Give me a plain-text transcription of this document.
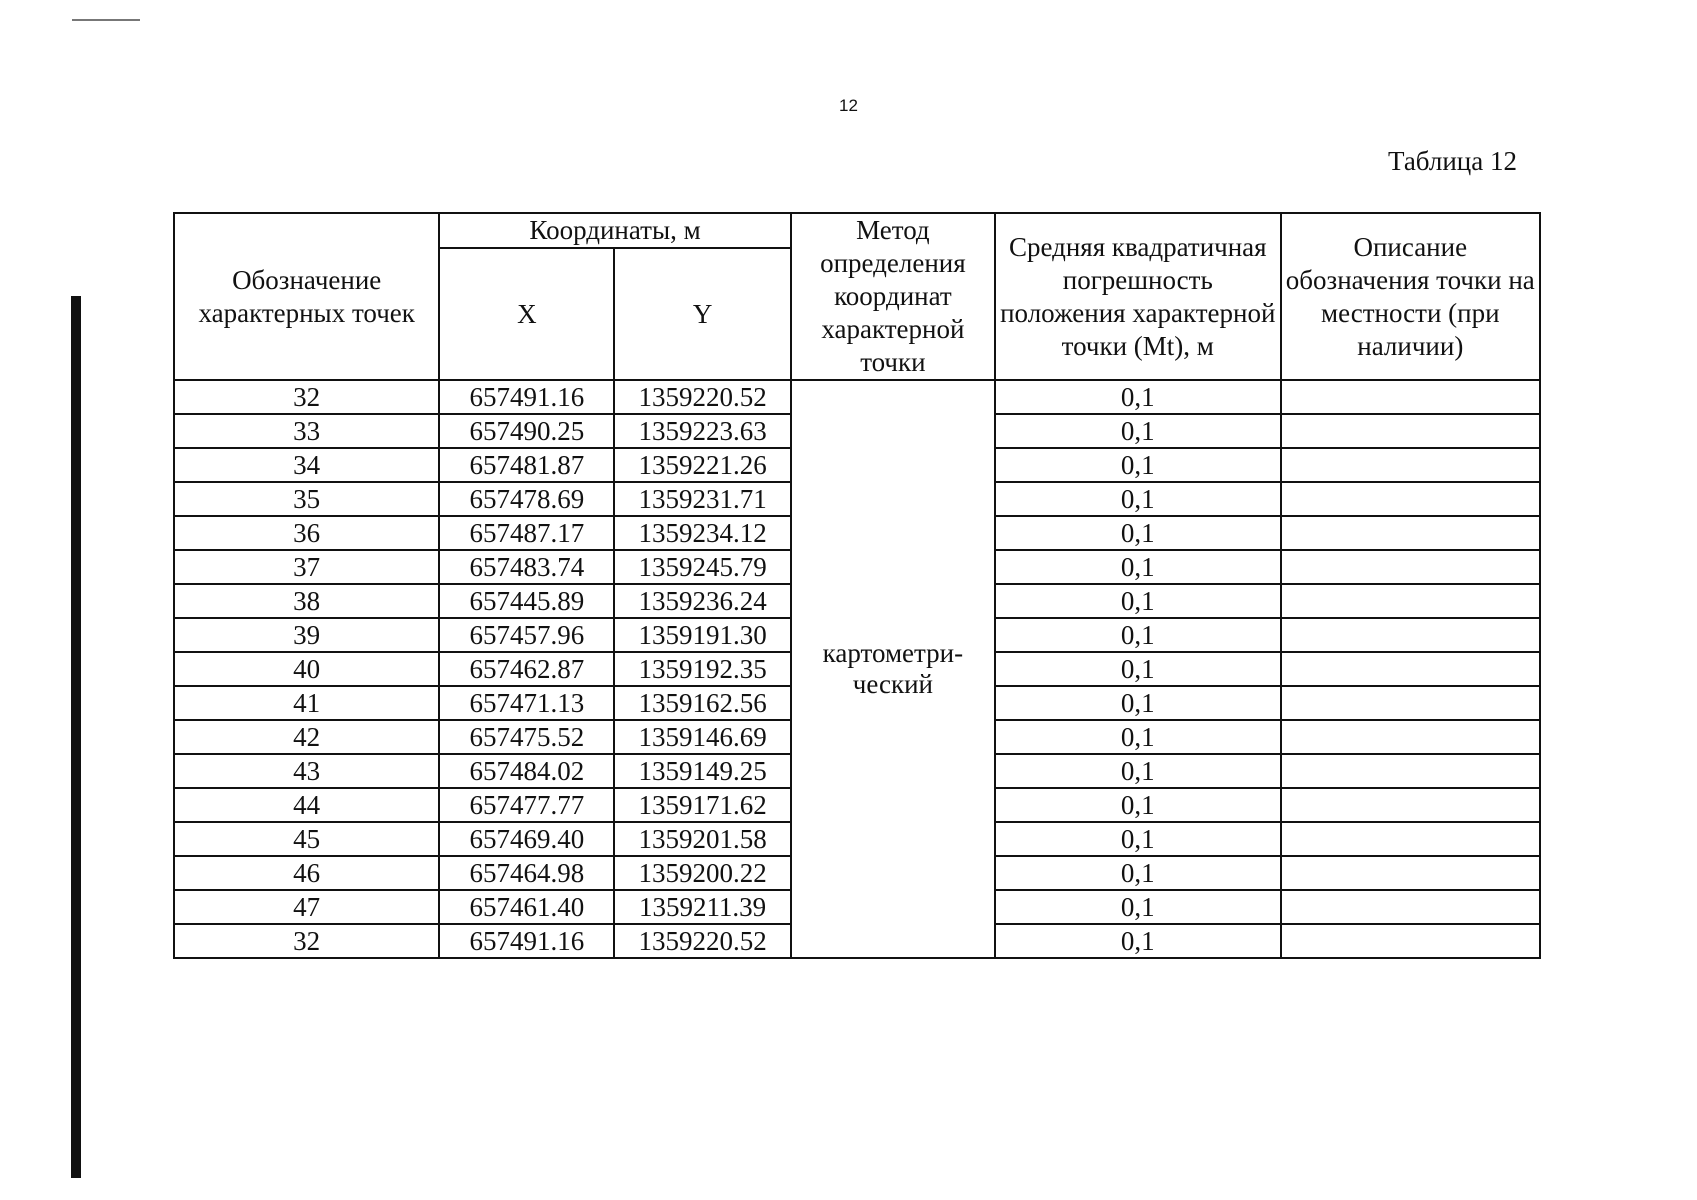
12
Таблица 12
Обозначение характерных точек	Координаты, м		Метод определения координат характерной точки	Средняя квадратичная погрешность положения характерной точки (Mt), м	Описание обозначения точки на местности (при наличии)
	X	Y			
32	657491.16	1359220.52	картометри-ческий	0,1	
33	657490.25	1359223.63		0,1	
34	657481.87	1359221.26		0,1	
35	657478.69	1359231.71		0,1	
36	657487.17	1359234.12		0,1	
37	657483.74	1359245.79		0,1	
38	657445.89	1359236.24		0,1	
39	657457.96	1359191.30		0,1	
40	657462.87	1359192.35		0,1	
41	657471.13	1359162.56		0,1	
42	657475.52	1359146.69		0,1	
43	657484.02	1359149.25		0,1	
44	657477.77	1359171.62		0,1	
45	657469.40	1359201.58		0,1	
46	657464.98	1359200.22		0,1	
47	657461.40	1359211.39		0,1	
32	657491.16	1359220.52		0,1	
